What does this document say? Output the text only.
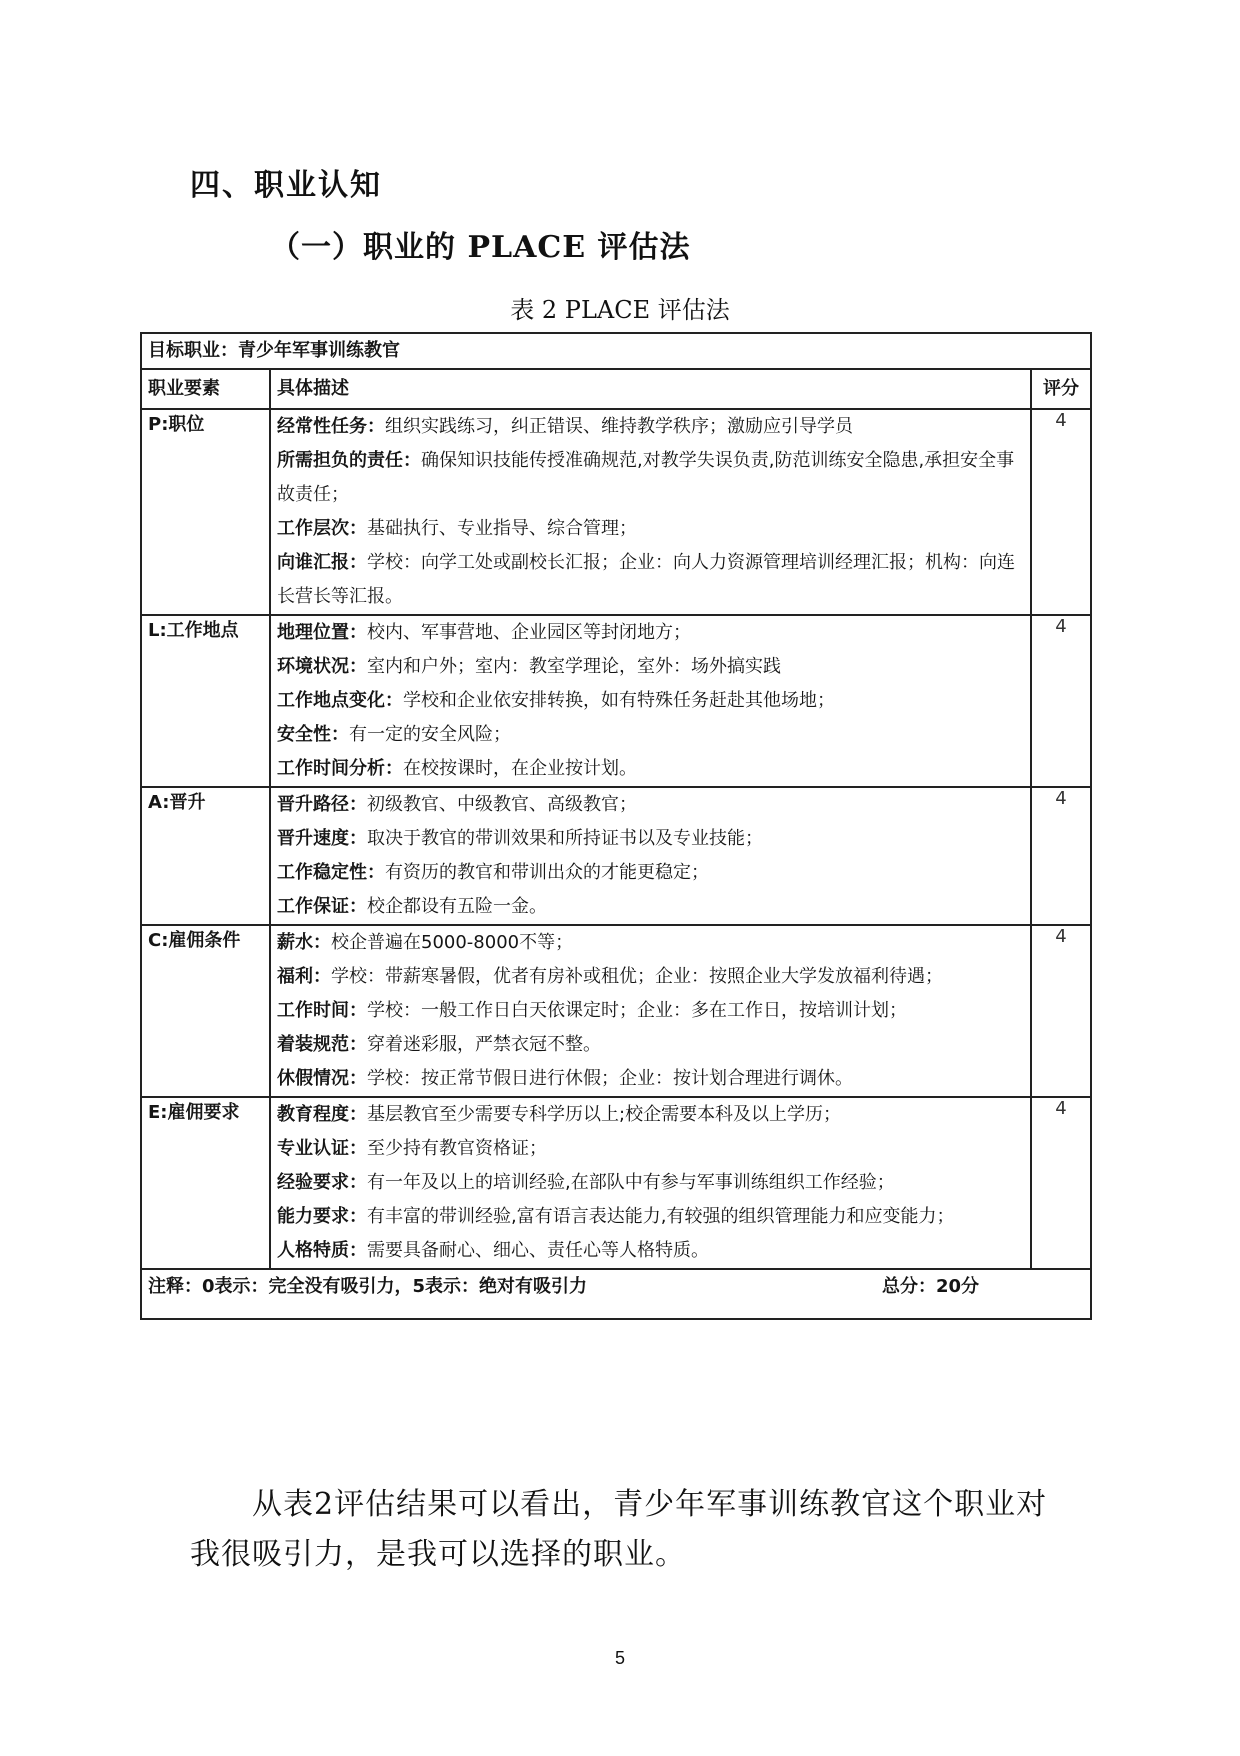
四、职业认知
（一）职业的 PLACE 评估法
表 2 PLACE 评估法
目标职业：青少年军事训练教官		
职业要素	具体描述	评分
P:职位	经常性任务：组织实践练习，纠正错误、维持教学秩序；激励应引导学员
所需担负的责任：确保知识技能传授准确规范,对教学失误负责,防范训练安全隐患,承担安全事故责任；
工作层次：基础执行、专业指导、综合管理；
向谁汇报：学校：向学工处或副校长汇报；企业：向人力资源管理培训经理汇报；机构：向连长营长等汇报。	4
L:工作地点	地理位置：校内、军事营地、企业园区等封闭地方；
环境状况：室内和户外；室内：教室学理论，室外：场外搞实践
工作地点变化：学校和企业依安排转换，如有特殊任务赶赴其他场地；
安全性：有一定的安全风险；
工作时间分析：在校按课时，在企业按计划。	4
A:晋升	晋升路径：初级教官、中级教官、高级教官；
晋升速度：取决于教官的带训效果和所持证书以及专业技能；
工作稳定性：有资历的教官和带训出众的才能更稳定；
工作保证：校企都设有五险一金。	4
C:雇佣条件	薪水：校企普遍在5000-8000不等；
福利：学校：带薪寒暑假，优者有房补或租优；企业：按照企业大学发放福利待遇；
工作时间：学校：一般工作日白天依课定时；企业：多在工作日，按培训计划；
着装规范：穿着迷彩服，严禁衣冠不整。
休假情况：学校：按正常节假日进行休假；企业：按计划合理进行调休。	4
E:雇佣要求	教育程度：基层教官至少需要专科学历以上;校企需要本科及以上学历；
专业认证：至少持有教官资格证；
经验要求：有一年及以上的培训经验,在部队中有参与军事训练组织工作经验；
能力要求：有丰富的带训经验,富有语言表达能力,有较强的组织管理能力和应变能力；
人格特质：需要具备耐心、细心、责任心等人格特质。	4
注释：0表示：完全没有吸引力，5表示：绝对有吸引力 总分：20分		
从表2评估结果可以看出，青少年军事训练教官这个职业对我很吸引力，是我可以选择的职业。
5
